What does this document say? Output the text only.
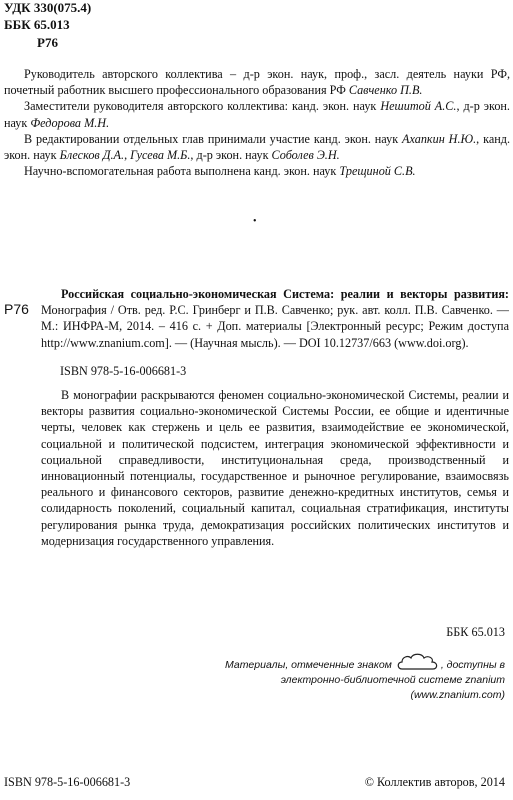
УДК 330(075.4)
ББК 65.013
Р76

Руководитель авторского коллектива – д-р экон. наук, проф., засл. деятель науки РФ, почетный работник высшего профессионального образования РФ Савченко П.В.

Заместители руководителя авторского коллектива: канд. экон. наук Нешитой А.С., д-р экон. наук Федорова М.Н.

В редактировании отдельных глав принимали участие канд. экон. наук Ахапкин Н.Ю., канд. экон. наук Блесков Д.А., Гусева М.Б., д-р экон. наук Соболев Э.Н.

Научно-вспомогательная работа выполнена канд. экон. наук Трещиной С.В.

•
Р76

Российская социально-экономическая Система: реалии и векторы развития: Монография / Отв. ред. Р.С. Гринберг и П.В. Савченко; рук. авт. колл. П.В. Савченко. — М.: ИНФРА-М, 2014. – 416 с. + Доп. материалы [Электронный ресурс; Режим доступа http://www.znanium.com]. — (Научная мысль). — DOI 10.12737/663 (www.doi.org).

ISBN 978-5-16-006681-3

В монографии раскрываются феномен социально-экономической Системы, реалии и векторы развития социально-экономической Системы России, ее общие и идентичные черты, человек как стержень и цель ее развития, взаимодействие ее экономической, социальной и политической подсистем, интеграция экономической эффективности и социальной справедливости, институциональная среда, производственный и инновационный потенциалы, государственное и рыночное регулирование, взаимосвязь реального и финансового секторов, развитие денежно-кредитных институтов, семья и солидарность поколений, социальный капитал, социальная стратификация, институты регулирования рынка труда, демократизация российских политических институтов и модернизация государственного управления.

ББК 65.013
Материалы, отмеченные знаком	, доступны в
электронно-библиотечной системе znanium
(www.znanium.com)
ISBN 978-5-16-006681-3	© Коллектив авторов, 2014
